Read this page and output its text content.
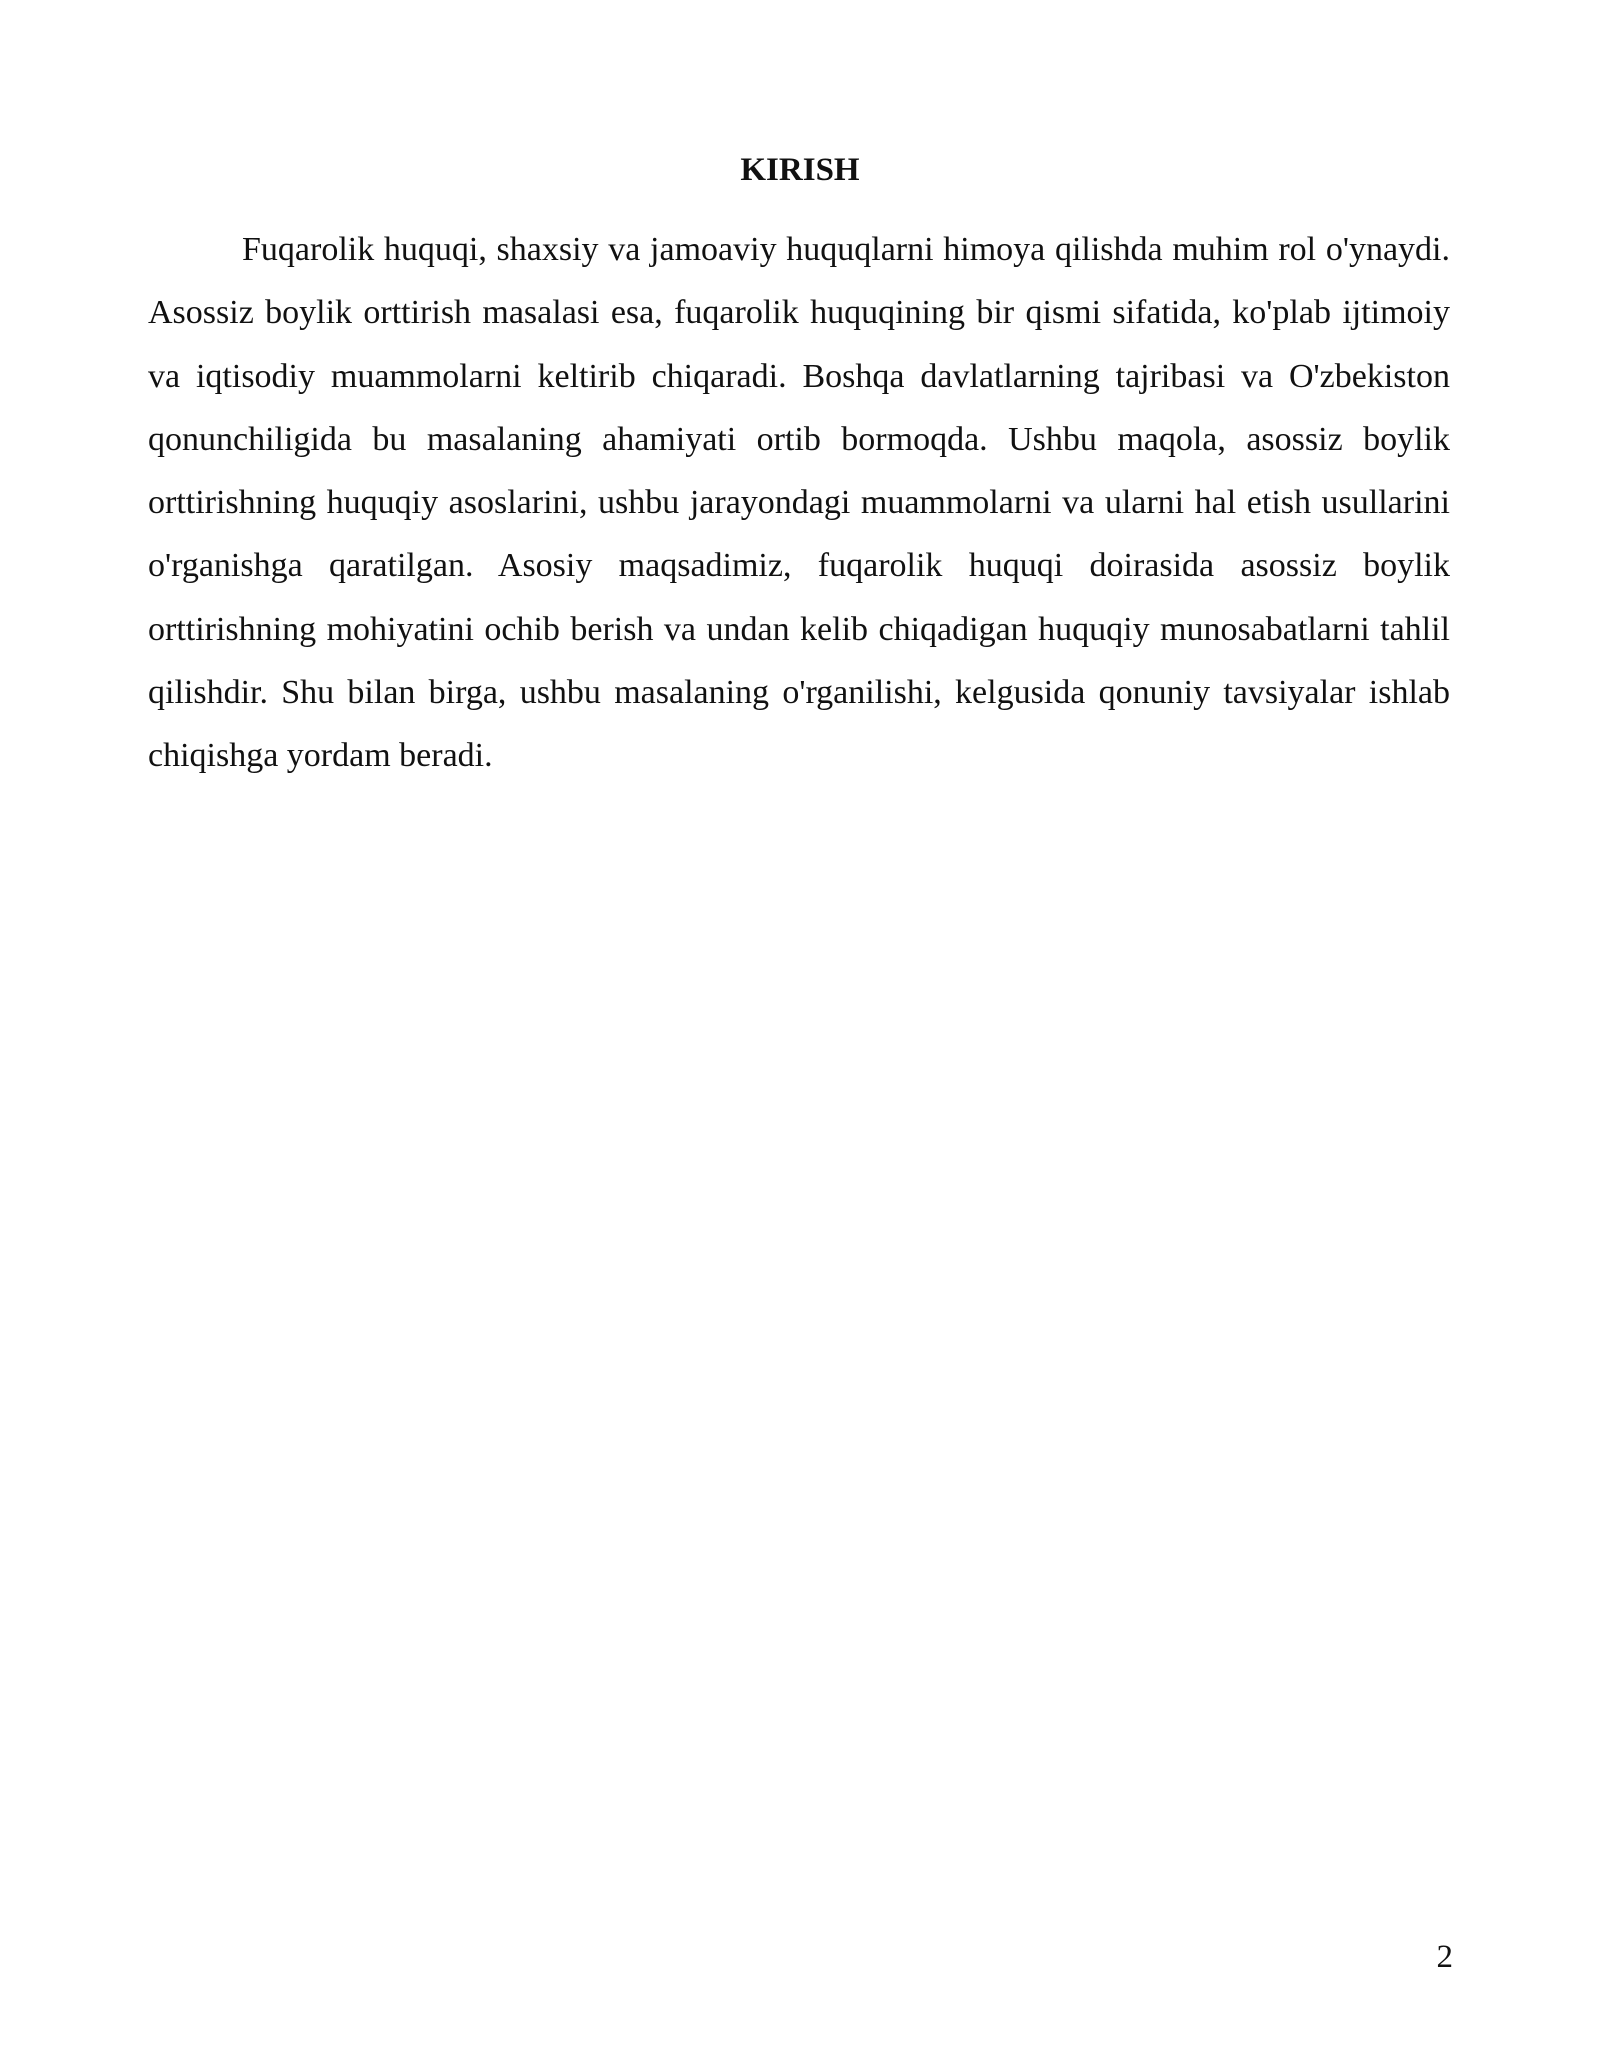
KIRISH

Fuqarolik huquqi, shaxsiy va jamoaviy huquqlarni himoya qilishda muhim rol o'ynaydi. Asossiz boylik orttirish masalasi esa, fuqarolik huquqining bir qismi sifatida, ko'plab ijtimoiy va iqtisodiy muammolarni keltirib chiqaradi. Boshqa davlatlarning tajribasi va O'zbekiston qonunchiligida bu masalaning ahamiyati ortib bormoqda. Ushbu maqola, asossiz boylik orttirishning huquqiy asoslarini, ushbu jarayondagi muammolarni va ularni hal etish usullarini o'rganishga qaratilgan. Asosiy maqsadimiz, fuqarolik huquqi doirasida asossiz boylik orttirishning mohiyatini ochib berish va undan kelib chiqadigan huquqiy munosabatlarni tahlil qilishdir. Shu bilan birga, ushbu masalaning o'rganilishi, kelgusida qonuniy tavsiyalar ishlab chiqishga yordam beradi.

2
